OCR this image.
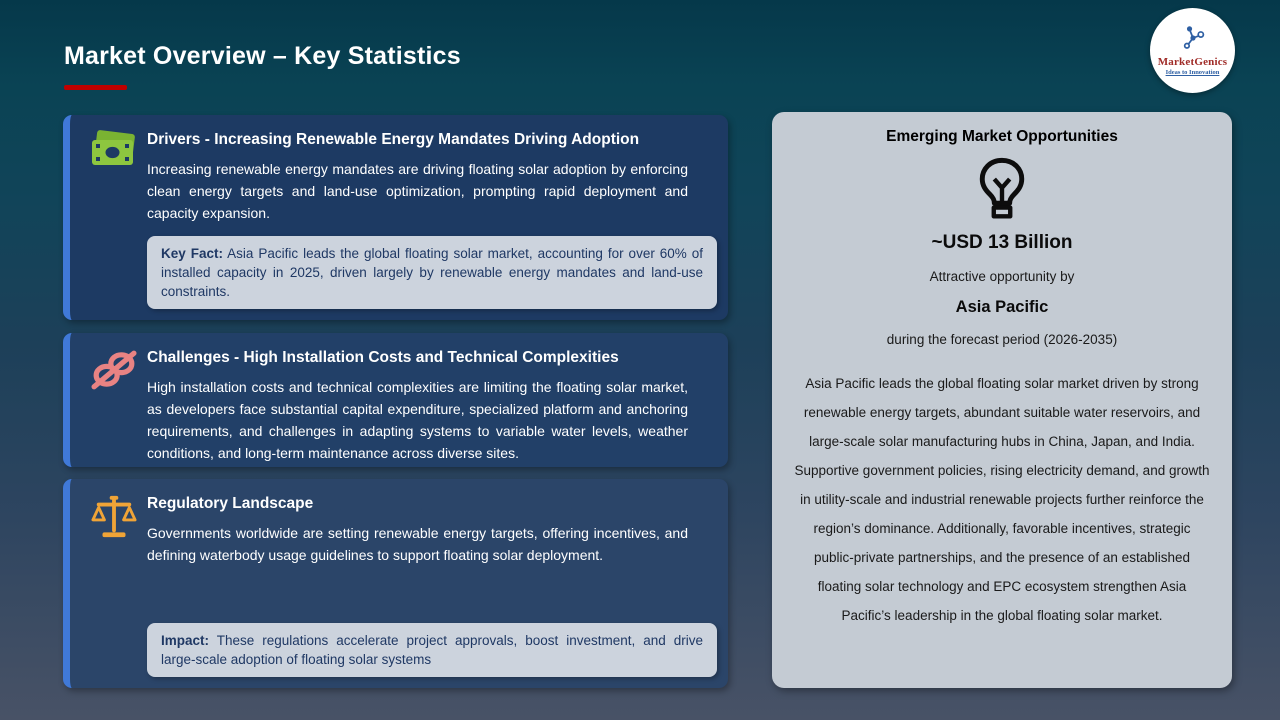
Market Overview – Key Statistics	MarketGenics
Ideas to Innovation
Drivers - Increasing Renewable Energy Mandates Driving Adoption
Increasing renewable energy mandates are driving floating solar adoption by enforcing clean energy targets and land-use optimization, prompting rapid deployment and capacity expansion.
Key Fact: Asia Pacific leads the global floating solar market, accounting for over 60% of installed capacity in 2025, driven largely by renewable energy mandates and land-use constraints.
Challenges - High Installation Costs and Technical Complexities
High installation costs and technical complexities are limiting the floating solar market, as developers face substantial capital expenditure, specialized platform and anchoring requirements, and challenges in adapting systems to variable water levels, weather conditions, and long-term maintenance across diverse sites.
Regulatory Landscape
Governments worldwide are setting renewable energy targets, offering incentives, and defining waterbody usage guidelines to support floating solar deployment.
Impact: These regulations accelerate project approvals, boost investment, and drive large-scale adoption of floating solar systems
Emerging Market Opportunities
~USD 13 Billion
Attractive opportunity by
Asia Pacific
during the forecast period (2026-2035)
Asia Pacific leads the global floating solar market driven by strong renewable energy targets, abundant suitable water reservoirs, and large-scale solar manufacturing hubs in China, Japan, and India. Supportive government policies, rising electricity demand, and growth in utility-scale and industrial renewable projects further reinforce the region’s dominance. Additionally, favorable incentives, strategic public-private partnerships, and the presence of an established floating solar technology and EPC ecosystem strengthen Asia Pacific’s leadership in the global floating solar market.
